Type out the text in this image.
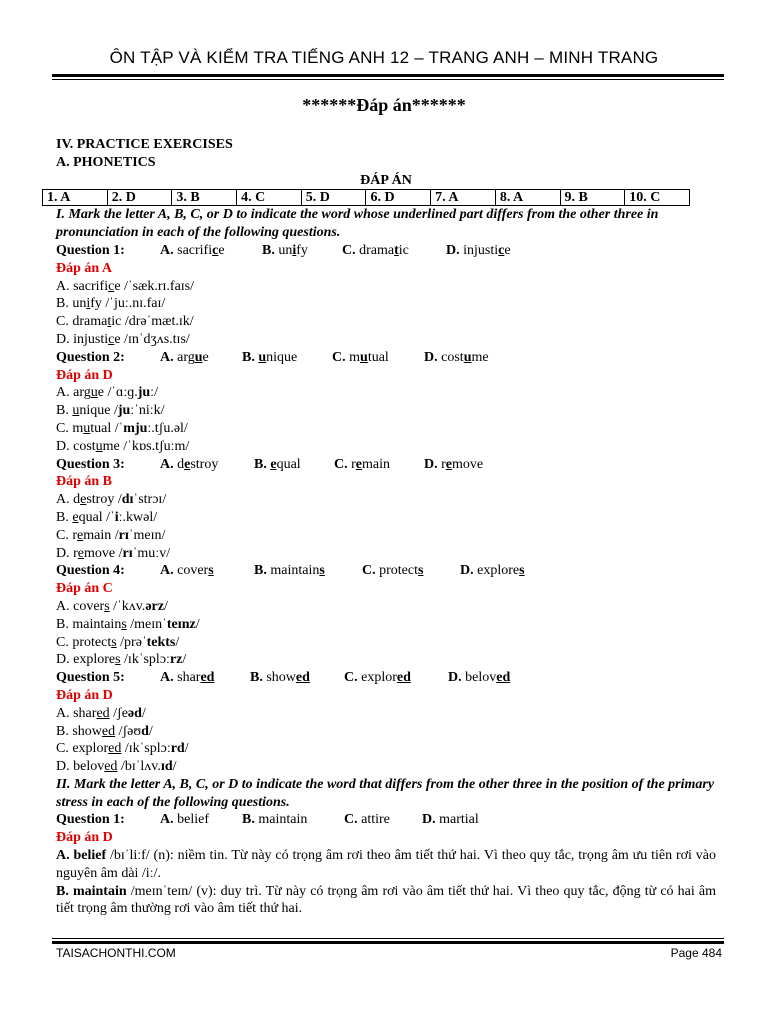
ÔN TẬP VÀ KIỂM TRA TIẾNG ANH 12 – TRANG ANH – MINH TRANG
******Đáp án******
IV. PRACTICE EXERCISES
A. PHONETICS
ĐÁP ÁN
1. A	2. D	3. B	4. C	5. D	6. D	7. A	8. A	9. B	10. C
I. Mark the letter A, B, C, or D to indicate the word whose underlined part differs from the other three in pronunciation in each of the following questions.
Question 1:	A. sacrifice	B. unify	C. dramatic	D. injustice
Đáp án A
A. sacrifice /ˈsæk.rɪ.faɪs/
B. unify /ˈjuː.nɪ.faɪ/
C. dramatic /drəˈmæt.ɪk/
D. injustice /ɪnˈdʒʌs.tɪs/
Question 2:	A. argue	B. unique	C. mutual	D. costume
Đáp án D
A. argue /ˈɑːɡ.juː/
B. unique /juːˈniːk/
C. mutual /ˈmjuː.tʃu.əl/
D. costume /ˈkɒs.tʃuːm/
Question 3:	A. destroy	B. equal	C. remain	D. remove
Đáp án B
A. destroy /dɪˈstrɔɪ/
B. equal /ˈiː.kwəl/
C. remain /rɪˈmeɪn/
D. remove /rɪˈmuːv/
Question 4:	A. covers	B. maintains	C. protects	D. explores
Đáp án C
A. covers /ˈkʌv.ərz/
B. maintains /meɪnˈteɪnz/
C. protects /prəˈtekts/
D. explores /ɪkˈsplɔːrz/
Question 5:	A. shared	B. showed	C. explored	D. beloved
Đáp án D
A. shared /ʃeəd/
B. showed /ʃəʊd/
C. explored /ɪkˈsplɔːrd/
D. beloved /bɪˈlʌv.ɪd/
II. Mark the letter A, B, C, or D to indicate the word that differs from the other three in the position of the primary stress in each of the following questions.
Question 1:	A. belief	B. maintain	C. attire	D. martial
Đáp án D
A. belief /bɪˈliːf/ (n): niềm tin. Từ này có trọng âm rơi theo âm tiết thứ hai. Vì theo quy tắc, trọng âm ưu tiên rơi vào nguyên âm dài /iː/.
B. maintain /meɪnˈteɪn/ (v): duy trì. Từ này có trọng âm rơi vào âm tiết thứ hai. Vì theo quy tắc, động từ có hai âm tiết trọng âm thường rơi vào âm tiết thứ hai.
TAISACHONTHI.COM	Page 484
